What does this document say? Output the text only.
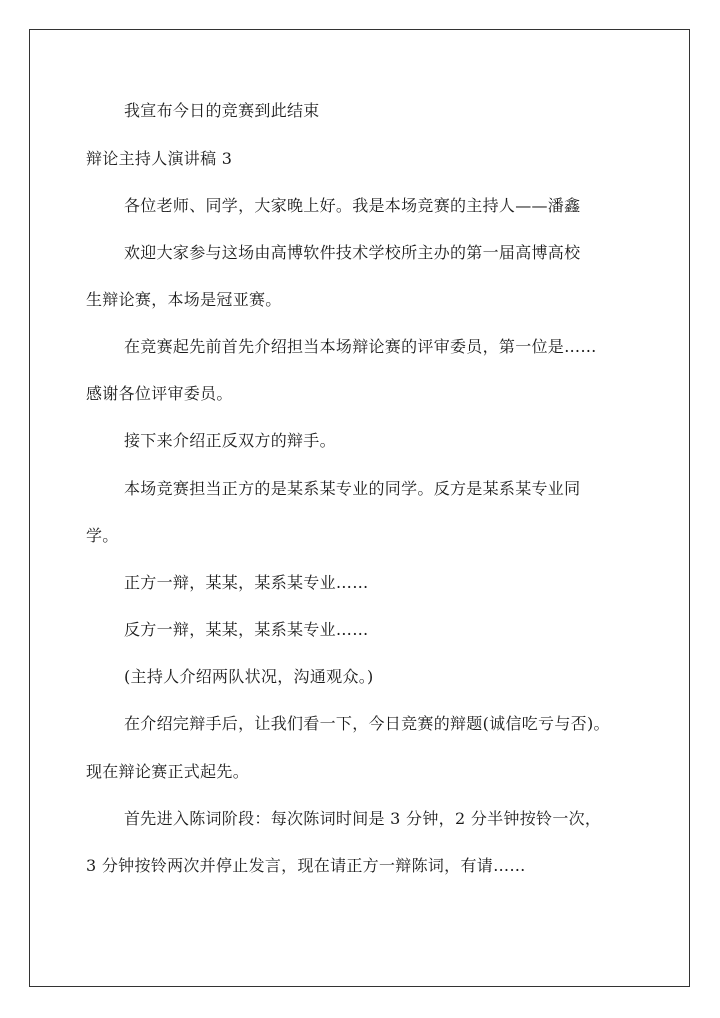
我宣布今日的竞赛到此结束
辩论主持人演讲稿 3
各位老师、同学，大家晚上好。我是本场竞赛的主持人——潘鑫
欢迎大家参与这场由高博软件技术学校所主办的第一届高博高校
生辩论赛，本场是冠亚赛。
在竞赛起先前首先介绍担当本场辩论赛的评审委员，第一位是……
感谢各位评审委员。
接下来介绍正反双方的辩手。
本场竞赛担当正方的是某系某专业的同学。反方是某系某专业同
学。
正方一辩，某某，某系某专业……
反方一辩，某某，某系某专业……
(主持人介绍两队状况，沟通观众。)
在介绍完辩手后，让我们看一下，今日竞赛的辩题(诚信吃亏与否)。
现在辩论赛正式起先。
首先进入陈词阶段：每次陈词时间是 3 分钟，2 分半钟按铃一次，
3 分钟按铃两次并停止发言，现在请正方一辩陈词，有请……
